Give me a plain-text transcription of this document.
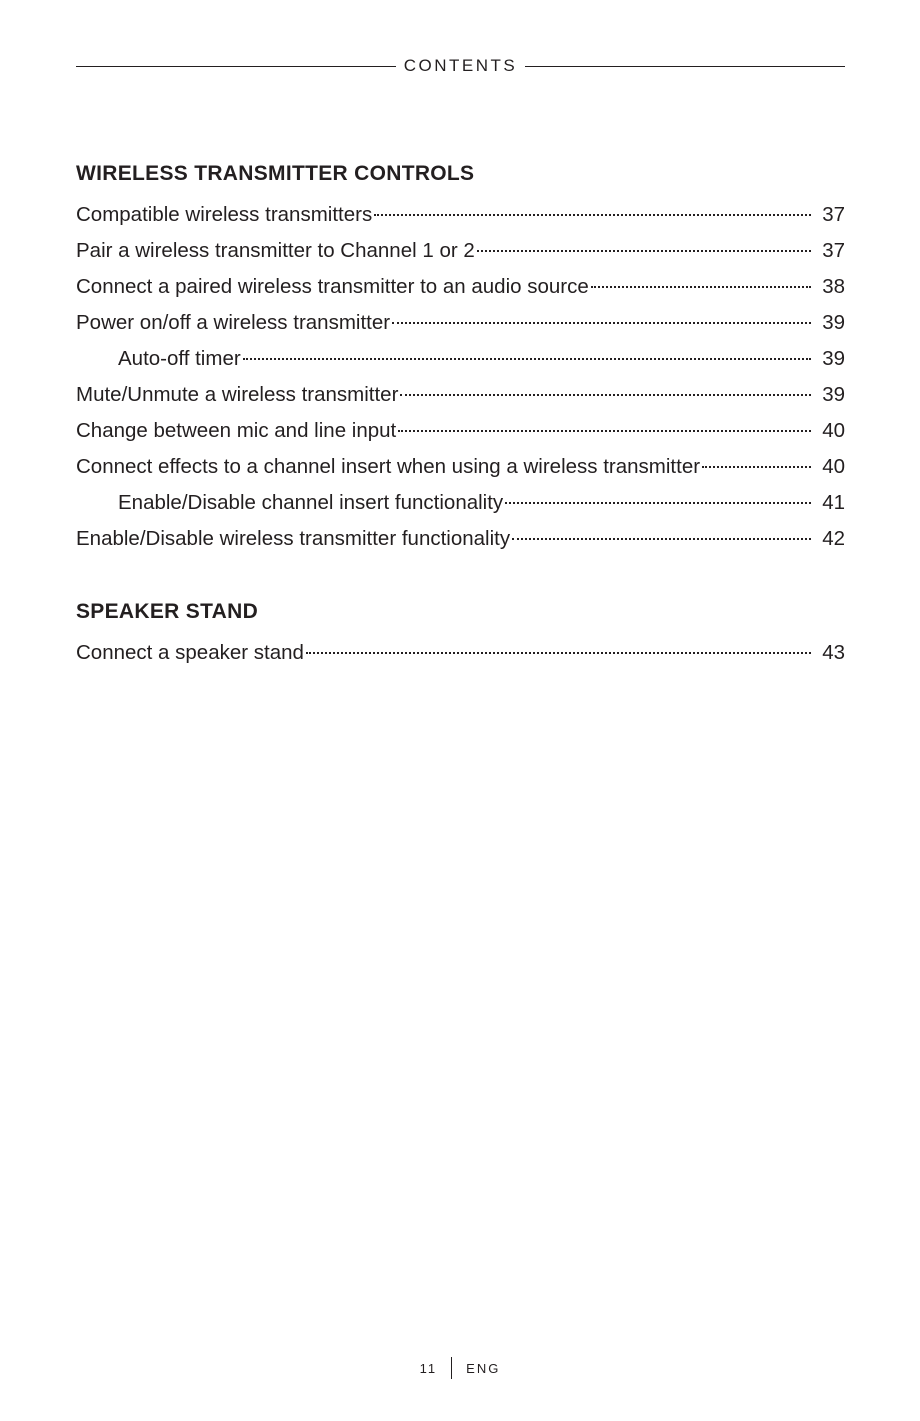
CONTENTS
WIRELESS TRANSMITTER CONTROLS
Compatible wireless transmitters	37
Pair a wireless transmitter to Channel 1 or 2	37
Connect a paired wireless transmitter to an audio source	38
Power on/off a wireless transmitter	39
Auto-off timer	39
Mute/Unmute a wireless transmitter	39
Change between mic and line input	40
Connect effects to a channel insert when using a wireless transmitter	40
Enable/Disable channel insert functionality	41
Enable/Disable wireless transmitter functionality	42
SPEAKER STAND
Connect a speaker stand	43
11 ENG
